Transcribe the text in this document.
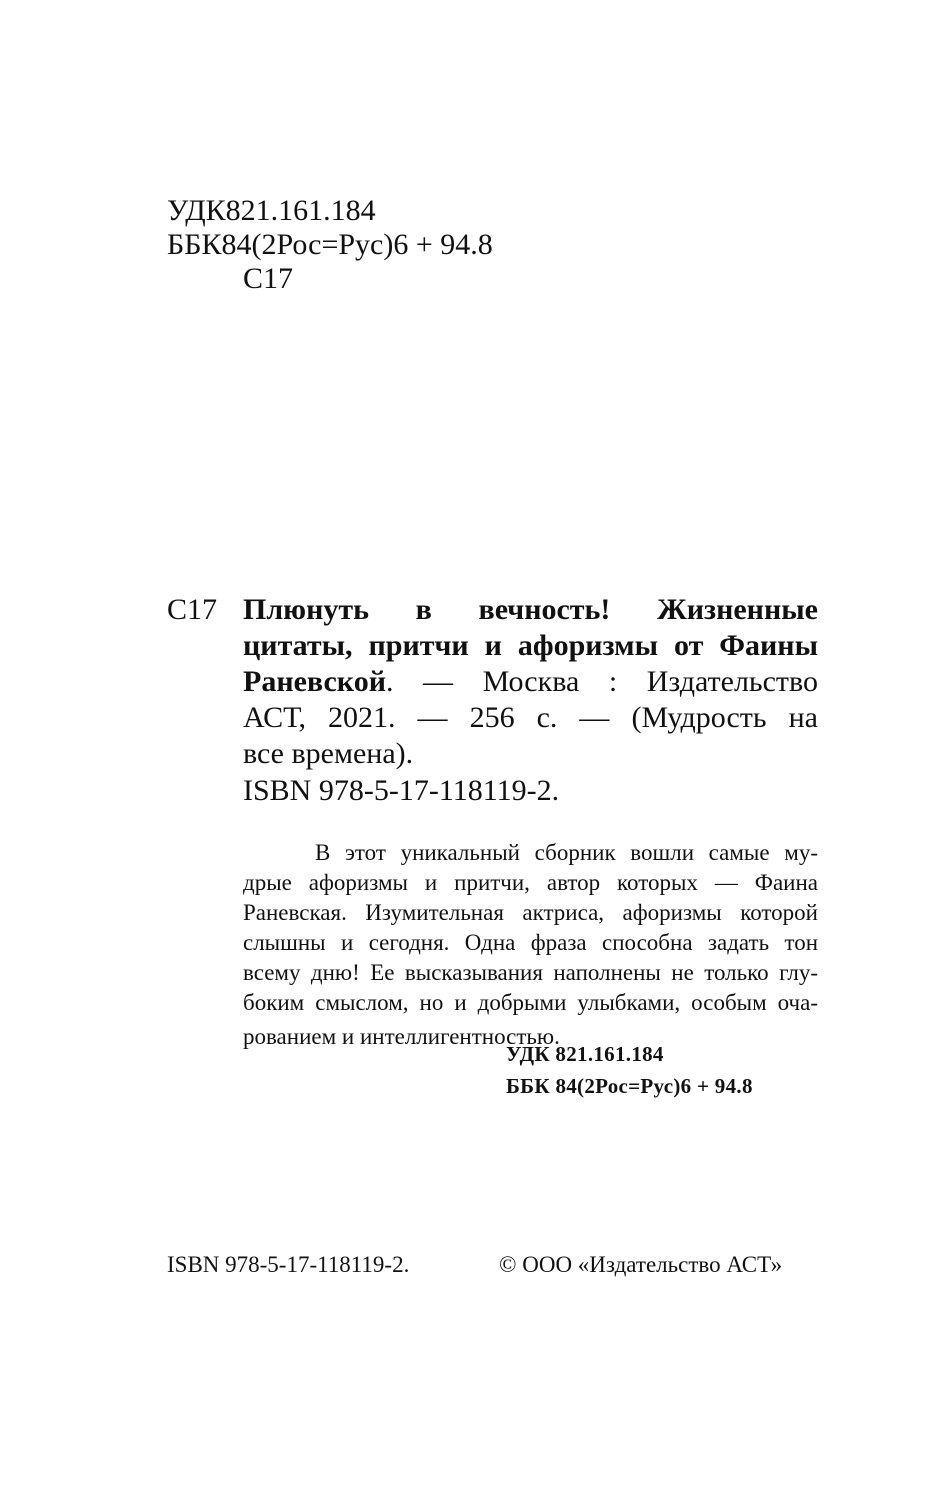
УДК821.161.184
ББК84(2Рос=Рус)6 + 94.8
С17
С17 Плюнуть в вечность! Жизненные
цитаты, притчи и афоризмы от Фаины
Раневской. — Москва : Издательство
АСТ, 2021. — 256 с. — (Мудрость на
все времена).
ISBN 978-5-17-118119-2.
В этот уникальный сборник вошли самые му-
дрые афоризмы и притчи, автор которых — Фаина
Раневская. Изумительная актриса, афоризмы которой
слышны и сегодня. Одна фраза способна задать тон
всему дню! Ее высказывания наполнены не только глу-
боким смыслом, но и добрыми улыбками, особым оча-
рованием и интеллигентностью.
УДК 821.161.184
ББК 84(2Рос=Рус)6 + 94.8
ISBN 978-5-17-118119-2.	© ООО «Издательство АСТ»
